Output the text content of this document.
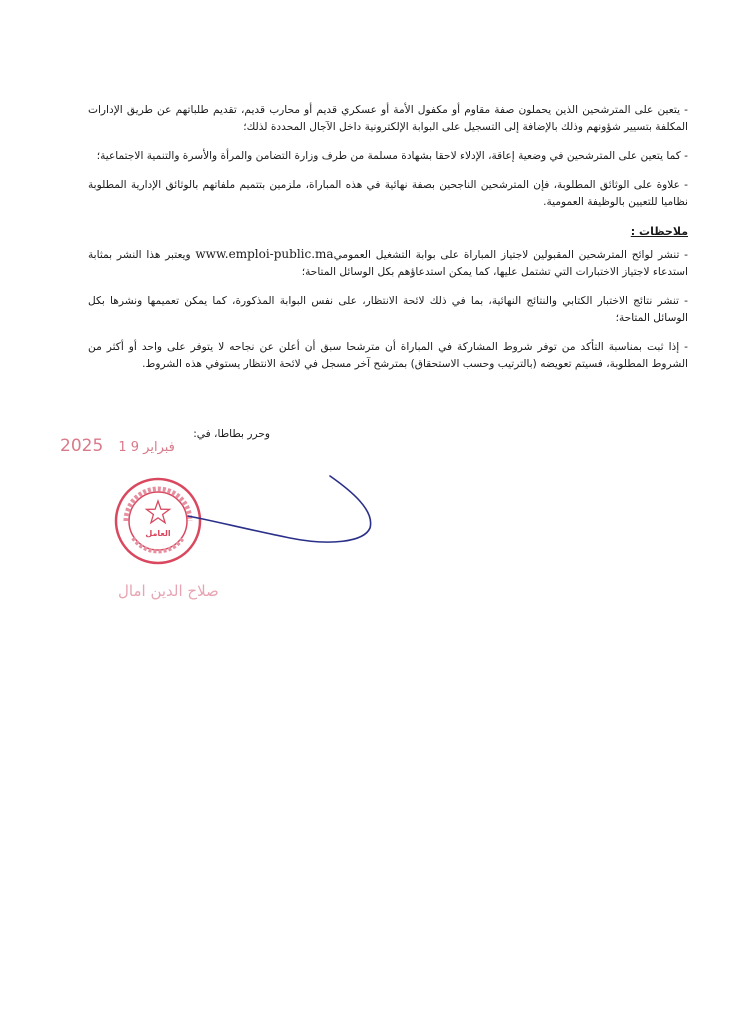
- يتعين على المترشحين الذين يحملون صفة مقاوم أو مكفول الأمة أو عسكري قديم أو محارب قديم، تقديم طلباتهم عن طريق الإدارات المكلفة بتسيير شؤونهم وذلك بالإضافة إلى التسجيل على البوابة الإلكترونية داخل الآجال المحددة لذلك؛

- كما يتعين على المترشحين في وضعية إعاقة، الإدلاء لاحقا بشهادة مسلمة من طرف وزارة التضامن والمرأة والأسرة والتنمية الاجتماعية؛

- علاوة على الوثائق المطلوبة، فإن المترشحين الناجحين بصفة نهائية في هذه المباراة، ملزمين بتتميم ملفاتهم بالوثائق الإدارية المطلوبة نظاميا للتعيين بالوظيفة العمومية.

ملاحظات :

- تنشر لوائح المترشحين المقبولين لاجتياز المباراة على بوابة التشغيل العموميwww.emploi-public.ma ويعتبر هذا النشر بمثابة استدعاء لاجتياز الاختبارات التي تشتمل عليها، كما يمكن استدعاؤهم بكل الوسائل المتاحة؛

- تنشر نتائج الاختبار الكتابي والنتائج النهائية، بما في ذلك لائحة الانتظار، على نفس البوابة المذكورة، كما يمكن تعميمها ونشرها بكل الوسائل المتاحة؛

- إذا ثبت بمناسبة التأكد من توفر شروط المشاركة في المباراة أن مترشحا سبق أن أعلن عن نجاحه لا يتوفر على واحد أو أكثر من الشروط المطلوبة، فسيتم تعويضه (بالترتيب وحسب الاستحقاق) بمترشح آخر مسجل في لائحة الانتظار يستوفي هذه الشروط.

وحرر بطاطا، في:
2025 1 9 فبراير
العامل
صلاح الدين امال
